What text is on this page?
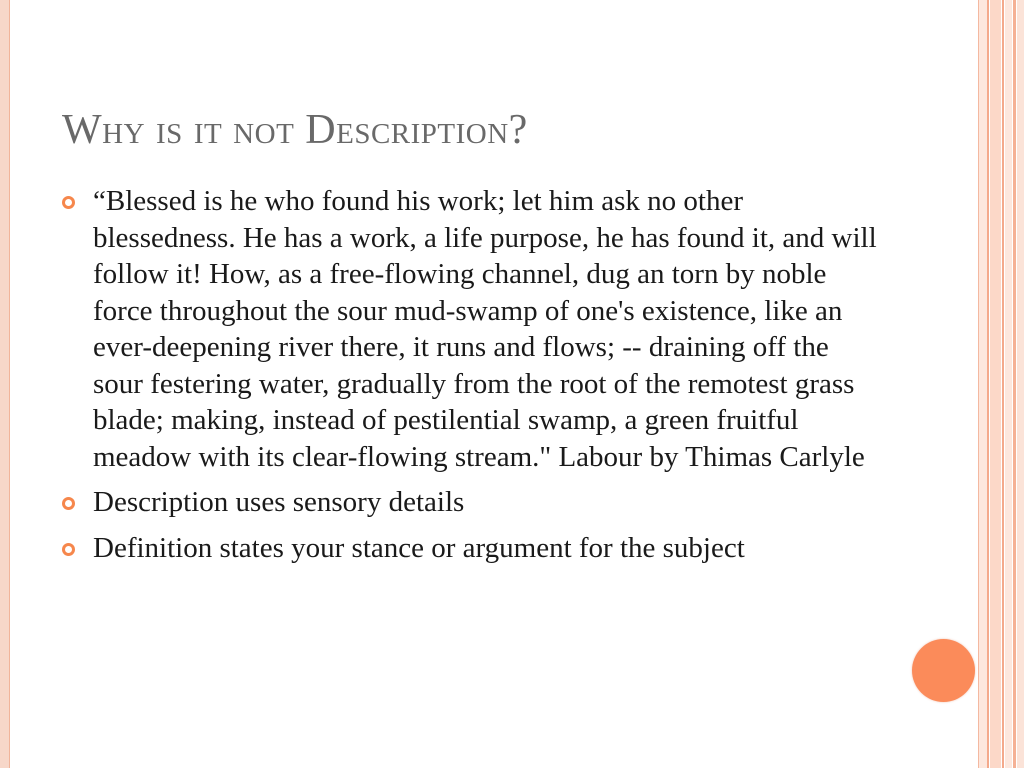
Why is it not Description?
“Blessed is he who found his work; let him ask no other blessedness. He has a work, a life purpose, he has found it, and will follow it! How, as a free-flowing channel, dug an torn by noble force throughout the sour mud-swamp of one's existence, like an ever-deepening river there, it runs and flows; -- draining off the sour festering water, gradually from the root of the remotest grass blade; making, instead of pestilential swamp, a green fruitful meadow with its clear-flowing stream." Labour by Thimas Carlyle
Description uses sensory details
Definition states your stance or argument for the subject
